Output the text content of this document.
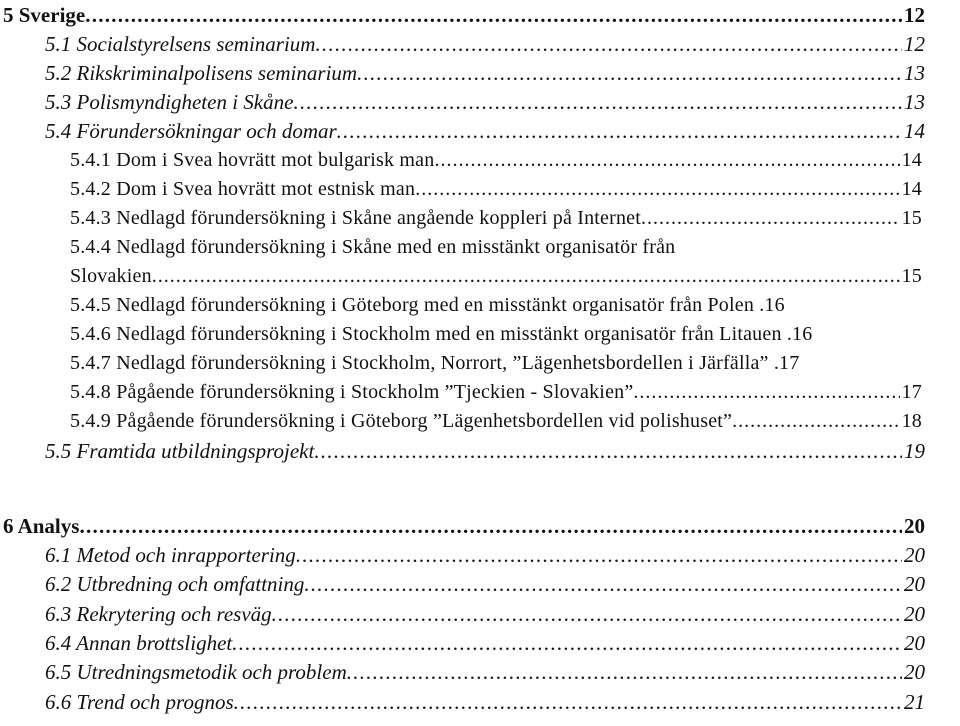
5 Sverige . . .	12
5.1 Socialstyrelsens seminarium . . .	12
5.2 Rikskriminalpolisens seminarium . . .	13
5.3 Polismyndigheten i Skåne . . .	13
5.4 Förundersökningar och domar . . .	14
5.4.1 Dom i Svea hovrätt mot bulgarisk man . . .	14
5.4.2 Dom i Svea hovrätt mot estnisk man . . .	14
5.4.3 Nedlagd förundersökning i Skåne angående koppleri på Internet . . .	15
5.4.4 Nedlagd förundersökning i Skåne med en misstänkt organisatör från
Slovakien . . .	15
5.4.5 Nedlagd förundersökning i Göteborg med en misstänkt organisatör från Polen .16
5.4.6 Nedlagd förundersökning i Stockholm med en misstänkt organisatör från Litauen .16
5.4.7 Nedlagd förundersökning i Stockholm, Norrort, ”Lägenhetsbordellen i Järfälla” .17
5.4.8 Pågående förundersökning i Stockholm ”Tjeckien - Slovakien” . . .	17
5.4.9 Pågående förundersökning i Göteborg ”Lägenhetsbordellen vid polishuset” . . .	18
5.5 Framtida utbildningsprojekt . . .	19
6 Analys . . .	20
6.1 Metod och inrapportering . . .	20
6.2 Utbredning och omfattning . . .	20
6.3 Rekrytering och resväg . . .	20
6.4 Annan brottslighet . . .	20
6.5 Utredningsmetodik och problem . . .	20
6.6 Trend och prognos . . .	21
